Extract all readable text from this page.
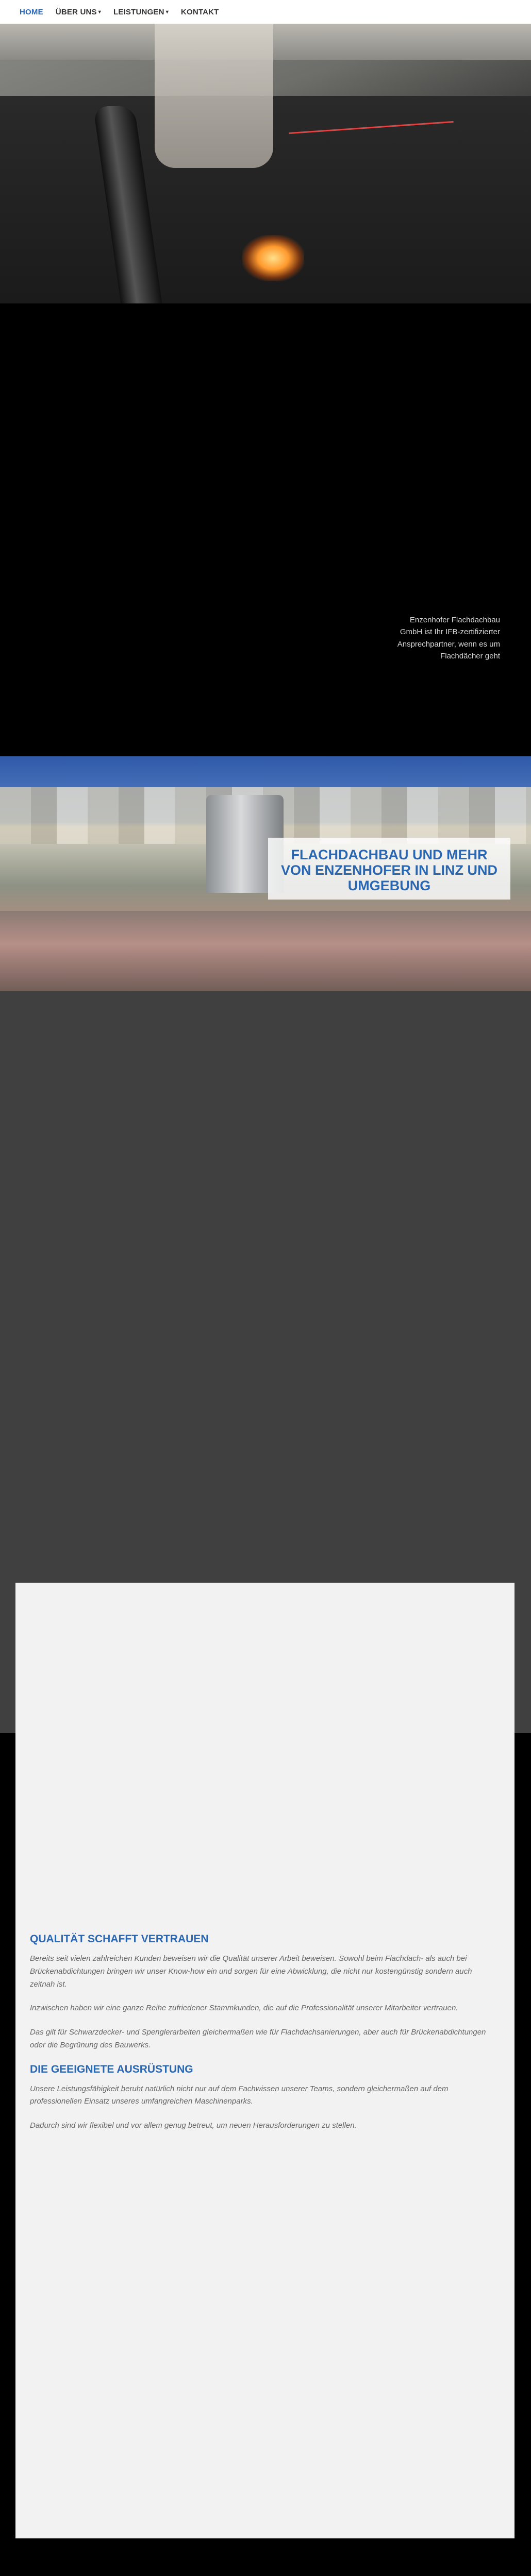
HOME ÜBER UNS ▾ LEISTUNGEN ▾ KONTAKT
Enzenhofer Flachdachbau GmbH ist Ihr IFB-zertifizierter Ansprechpartner, wenn es um Flachdächer geht
FLACHDACHBAU UND MEHR VON ENZENHOFER IN LINZ UND UMGEBUNG
QUALITÄT SCHAFFT VERTRAUEN

Bereits seit vielen zahlreichen Kunden beweisen wir die Qualität unserer Arbeit beweisen. Sowohl beim Flachdach- als auch bei Brückenabdichtungen bringen wir unser Know-how ein und sorgen für eine Abwicklung, die nicht nur kostengünstig sondern auch zeitnah ist.

Inzwischen haben wir eine ganze Reihe zufriedener Stammkunden, die auf die Professionalität unserer Mitarbeiter vertrauen.

Das gilt für Schwarzdecker- und Spenglerarbeiten gleichermaßen wie für Flachdachsanierungen, aber auch für Brückenabdichtungen oder die Begrünung des Bauwerks.

DIE GEEIGNETE AUSRÜSTUNG

Unsere Leistungsfähigkeit beruht natürlich nicht nur auf dem Fachwissen unserer Teams, sondern gleichermaßen auf dem professionellen Einsatz unseres umfangreichen Maschinenparks.

Dadurch sind wir flexibel und vor allem genug betreut, um neuen Herausforderungen zu stellen.
